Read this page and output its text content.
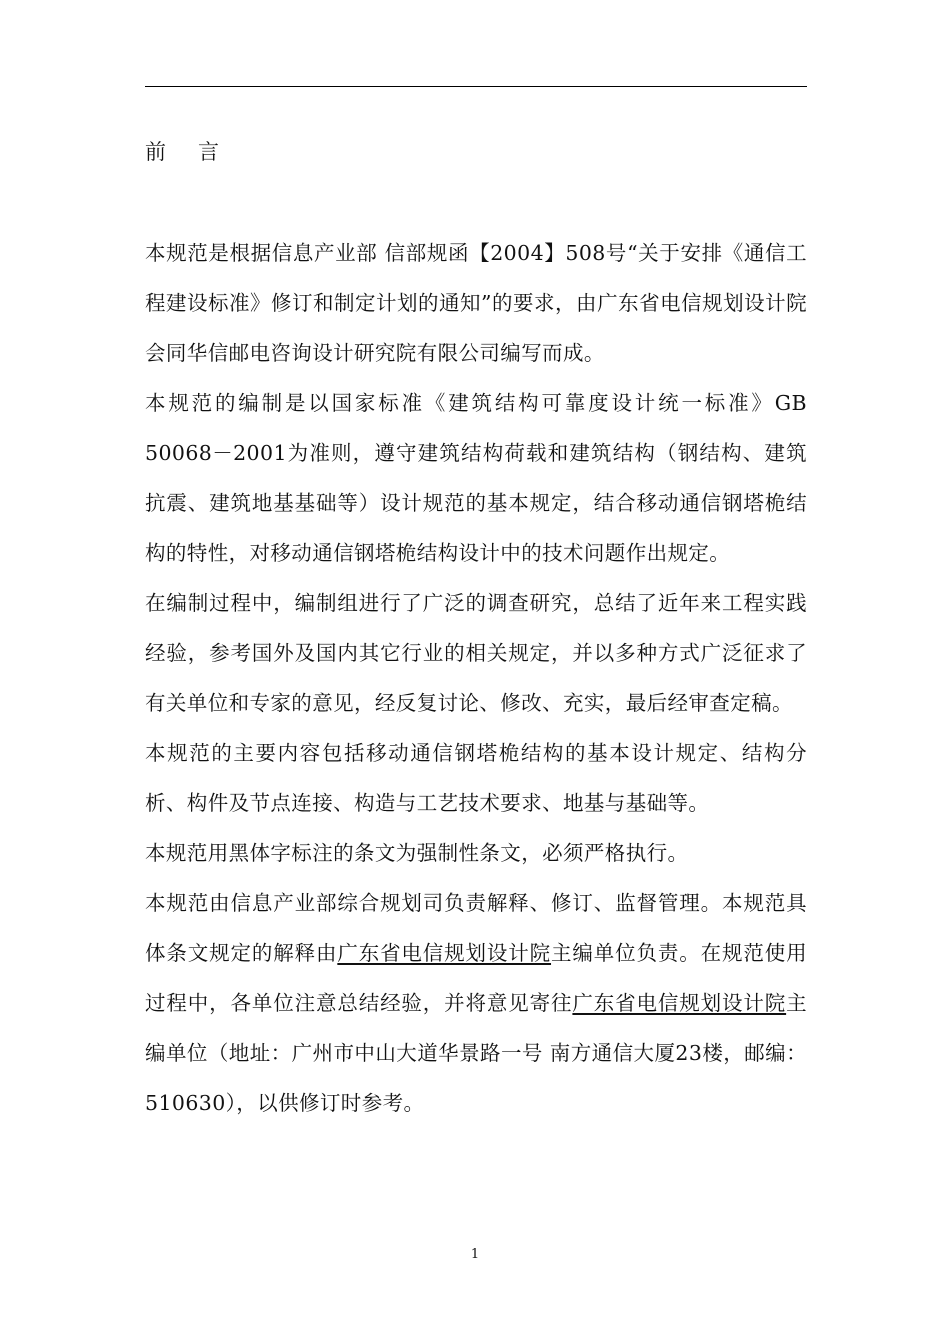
前言

本规范是根据信息产业部 信部规函【2004】508号“关于安排《通信工程建设标准》修订和制定计划的通知”的要求，由广东省电信规划设计院会同华信邮电咨询设计研究院有限公司编写而成。

本规范的编制是以国家标准《建筑结构可靠度设计统一标准》GB 50068－2001为准则，遵守建筑结构荷载和建筑结构（钢结构、建筑抗震、建筑地基基础等）设计规范的基本规定，结合移动通信钢塔桅结构的特性，对移动通信钢塔桅结构设计中的技术问题作出规定。

在编制过程中，编制组进行了广泛的调查研究，总结了近年来工程实践经验，参考国外及国内其它行业的相关规定，并以多种方式广泛征求了有关单位和专家的意见，经反复讨论、修改、充实，最后经审查定稿。

本规范的主要内容包括移动通信钢塔桅结构的基本设计规定、结构分析、构件及节点连接、构造与工艺技术要求、地基与基础等。

本规范用黑体字标注的条文为强制性条文，必须严格执行。

本规范由信息产业部综合规划司负责解释、修订、监督管理。本规范具体条文规定的解释由广东省电信规划设计院主编单位负责。在规范使用过程中，各单位注意总结经验，并将意见寄往广东省电信规划设计院主编单位（地址：广州市中山大道华景路一号 南方通信大厦23楼，邮编：510630），以供修订时参考。

1
